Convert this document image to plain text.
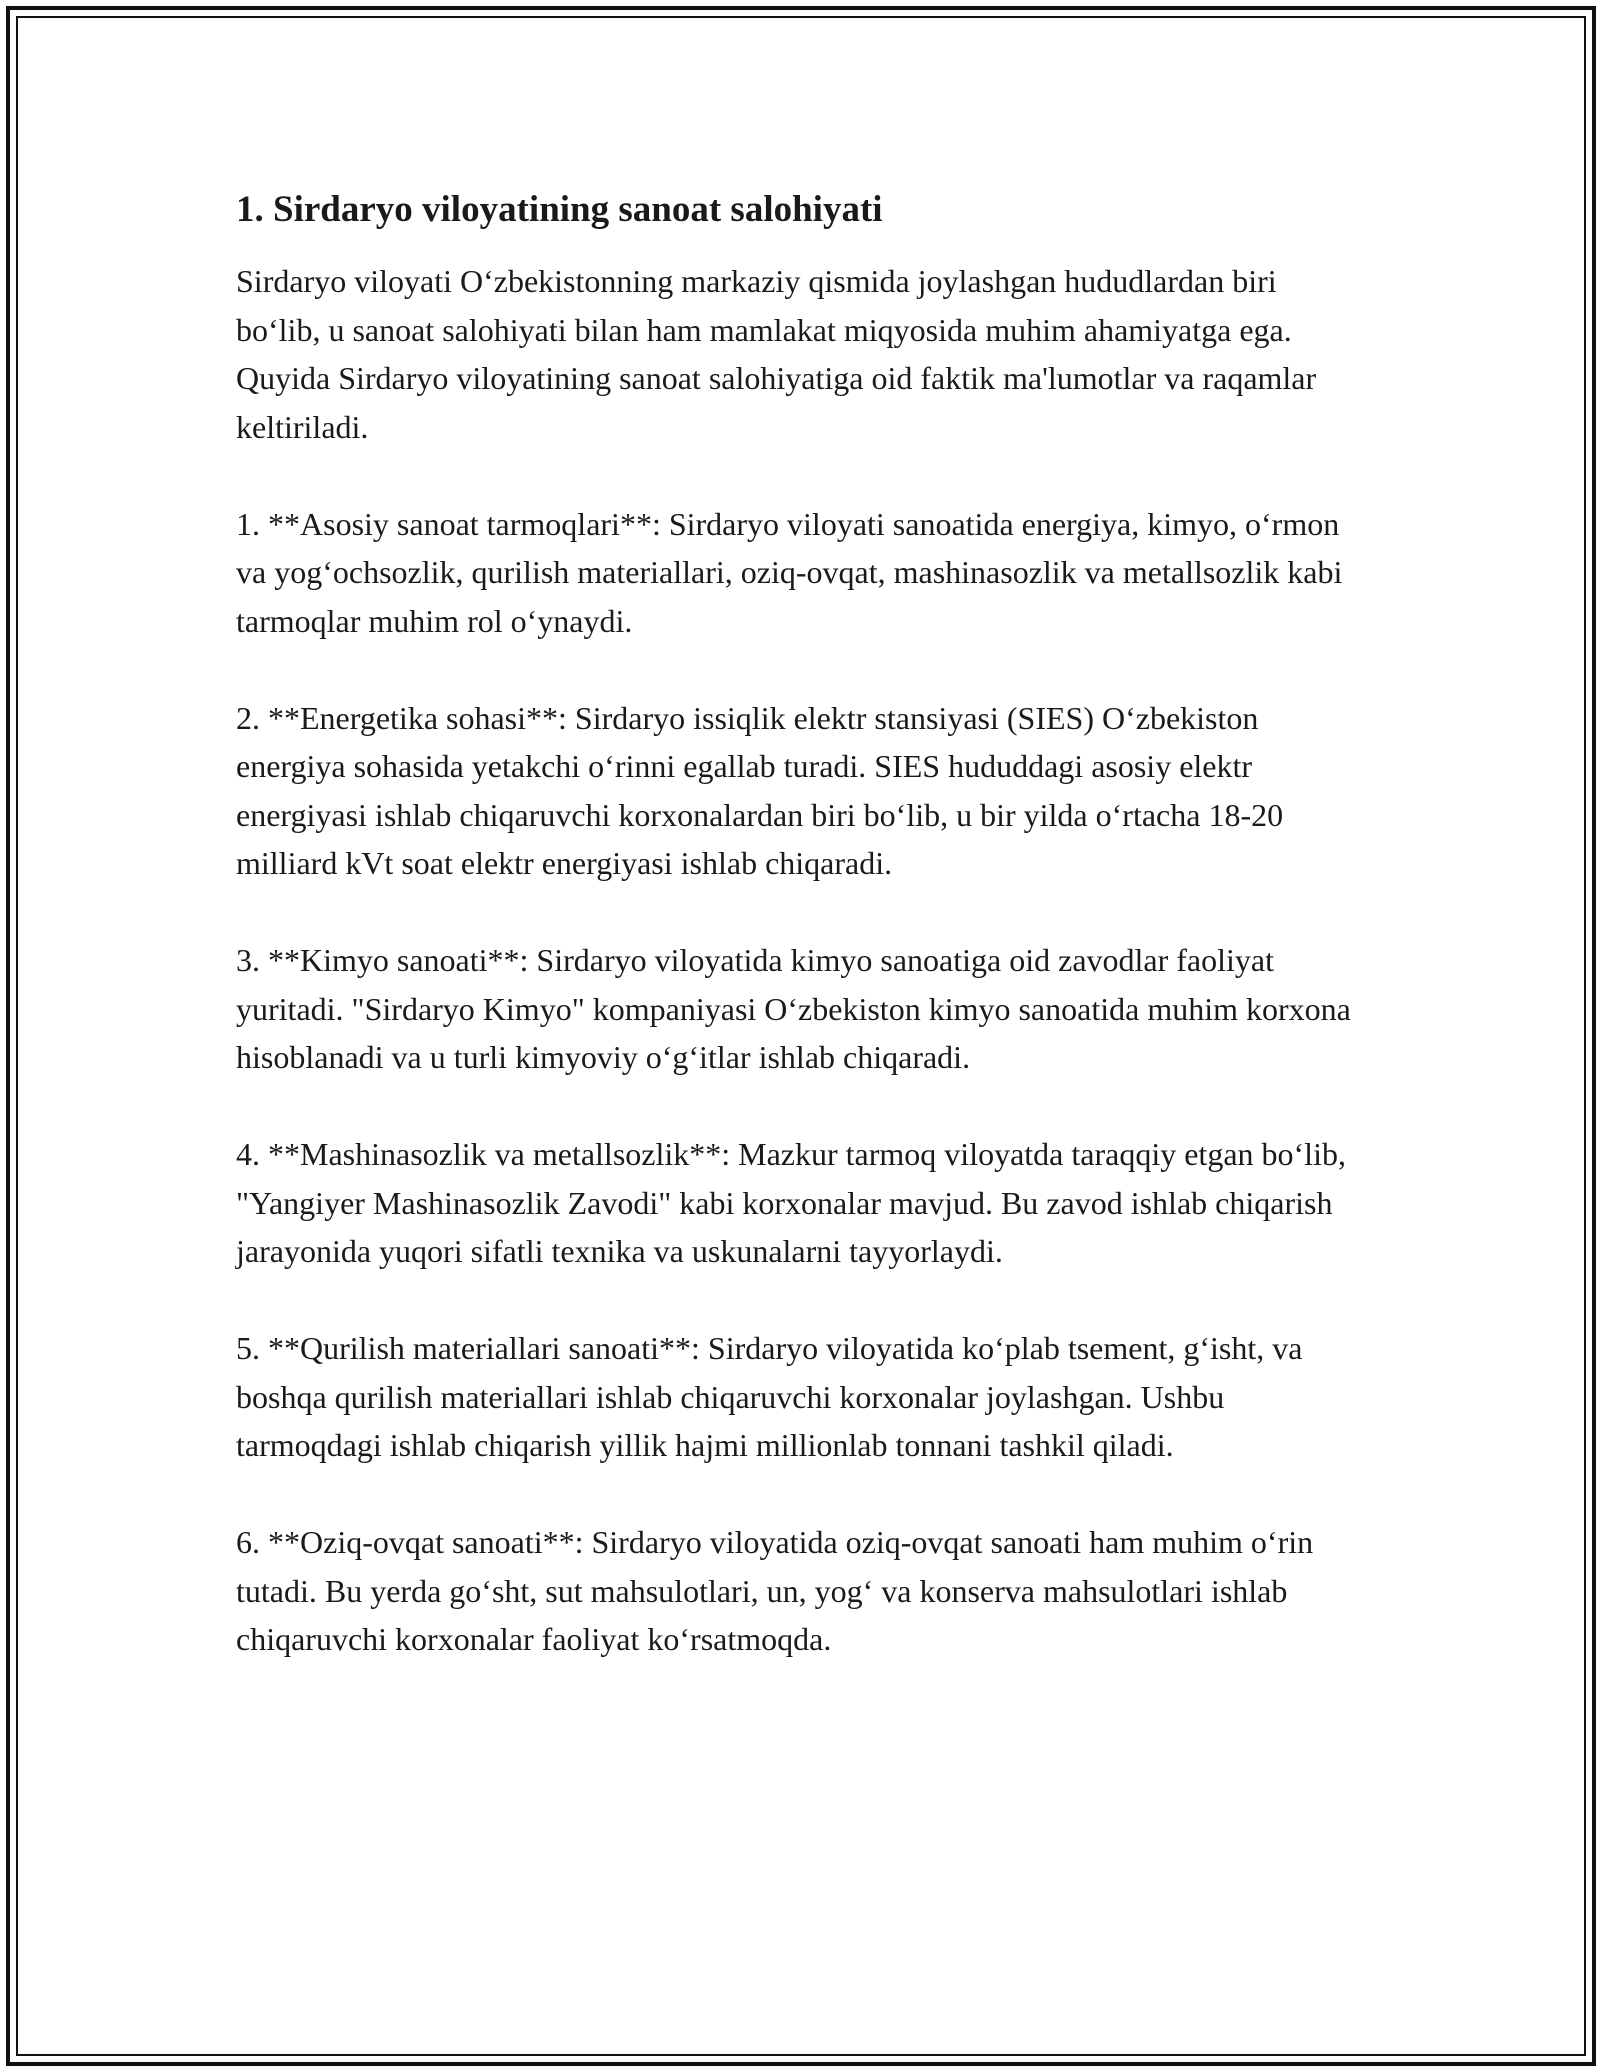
1. Sirdaryo viloyatining sanoat salohiyati

Sirdaryo viloyati O‘zbekistonning markaziy qismida joylashgan hududlardan biri bo‘lib, u sanoat salohiyati bilan ham mamlakat miqyosida muhim ahamiyatga ega. Quyida Sirdaryo viloyatining sanoat salohiyatiga oid faktik ma'lumotlar va raqamlar keltiriladi.

1. **Asosiy sanoat tarmoqlari**: Sirdaryo viloyati sanoatida energiya, kimyo, o‘rmon va yog‘ochsozlik, qurilish materiallari, oziq-ovqat, mashinasozlik va metallsozlik kabi tarmoqlar muhim rol o‘ynaydi.

2. **Energetika sohasi**: Sirdaryo issiqlik elektr stansiyasi (SIES) O‘zbekiston energiya sohasida yetakchi o‘rinni egallab turadi. SIES hududdagi asosiy elektr energiyasi ishlab chiqaruvchi korxonalardan biri bo‘lib, u bir yilda o‘rtacha 18-20 milliard kVt soat elektr energiyasi ishlab chiqaradi.

3. **Kimyo sanoati**: Sirdaryo viloyatida kimyo sanoatiga oid zavodlar faoliyat yuritadi. "Sirdaryo Kimyo" kompaniyasi O‘zbekiston kimyo sanoatida muhim korxona hisoblanadi va u turli kimyoviy o‘g‘itlar ishlab chiqaradi.

4. **Mashinasozlik va metallsozlik**: Mazkur tarmoq viloyatda taraqqiy etgan bo‘lib, "Yangiyer Mashinasozlik Zavodi" kabi korxonalar mavjud. Bu zavod ishlab chiqarish jarayonida yuqori sifatli texnika va uskunalarni tayyorlaydi.

5. **Qurilish materiallari sanoati**: Sirdaryo viloyatida ko‘plab tsement, g‘isht, va boshqa qurilish materiallari ishlab chiqaruvchi korxonalar joylashgan. Ushbu tarmoqdagi ishlab chiqarish yillik hajmi millionlab tonnani tashkil qiladi.

6. **Oziq-ovqat sanoati**: Sirdaryo viloyatida oziq-ovqat sanoati ham muhim o‘rin tutadi. Bu yerda go‘sht, sut mahsulotlari, un, yog‘ va konserva mahsulotlari ishlab chiqaruvchi korxonalar faoliyat ko‘rsatmoqda.
